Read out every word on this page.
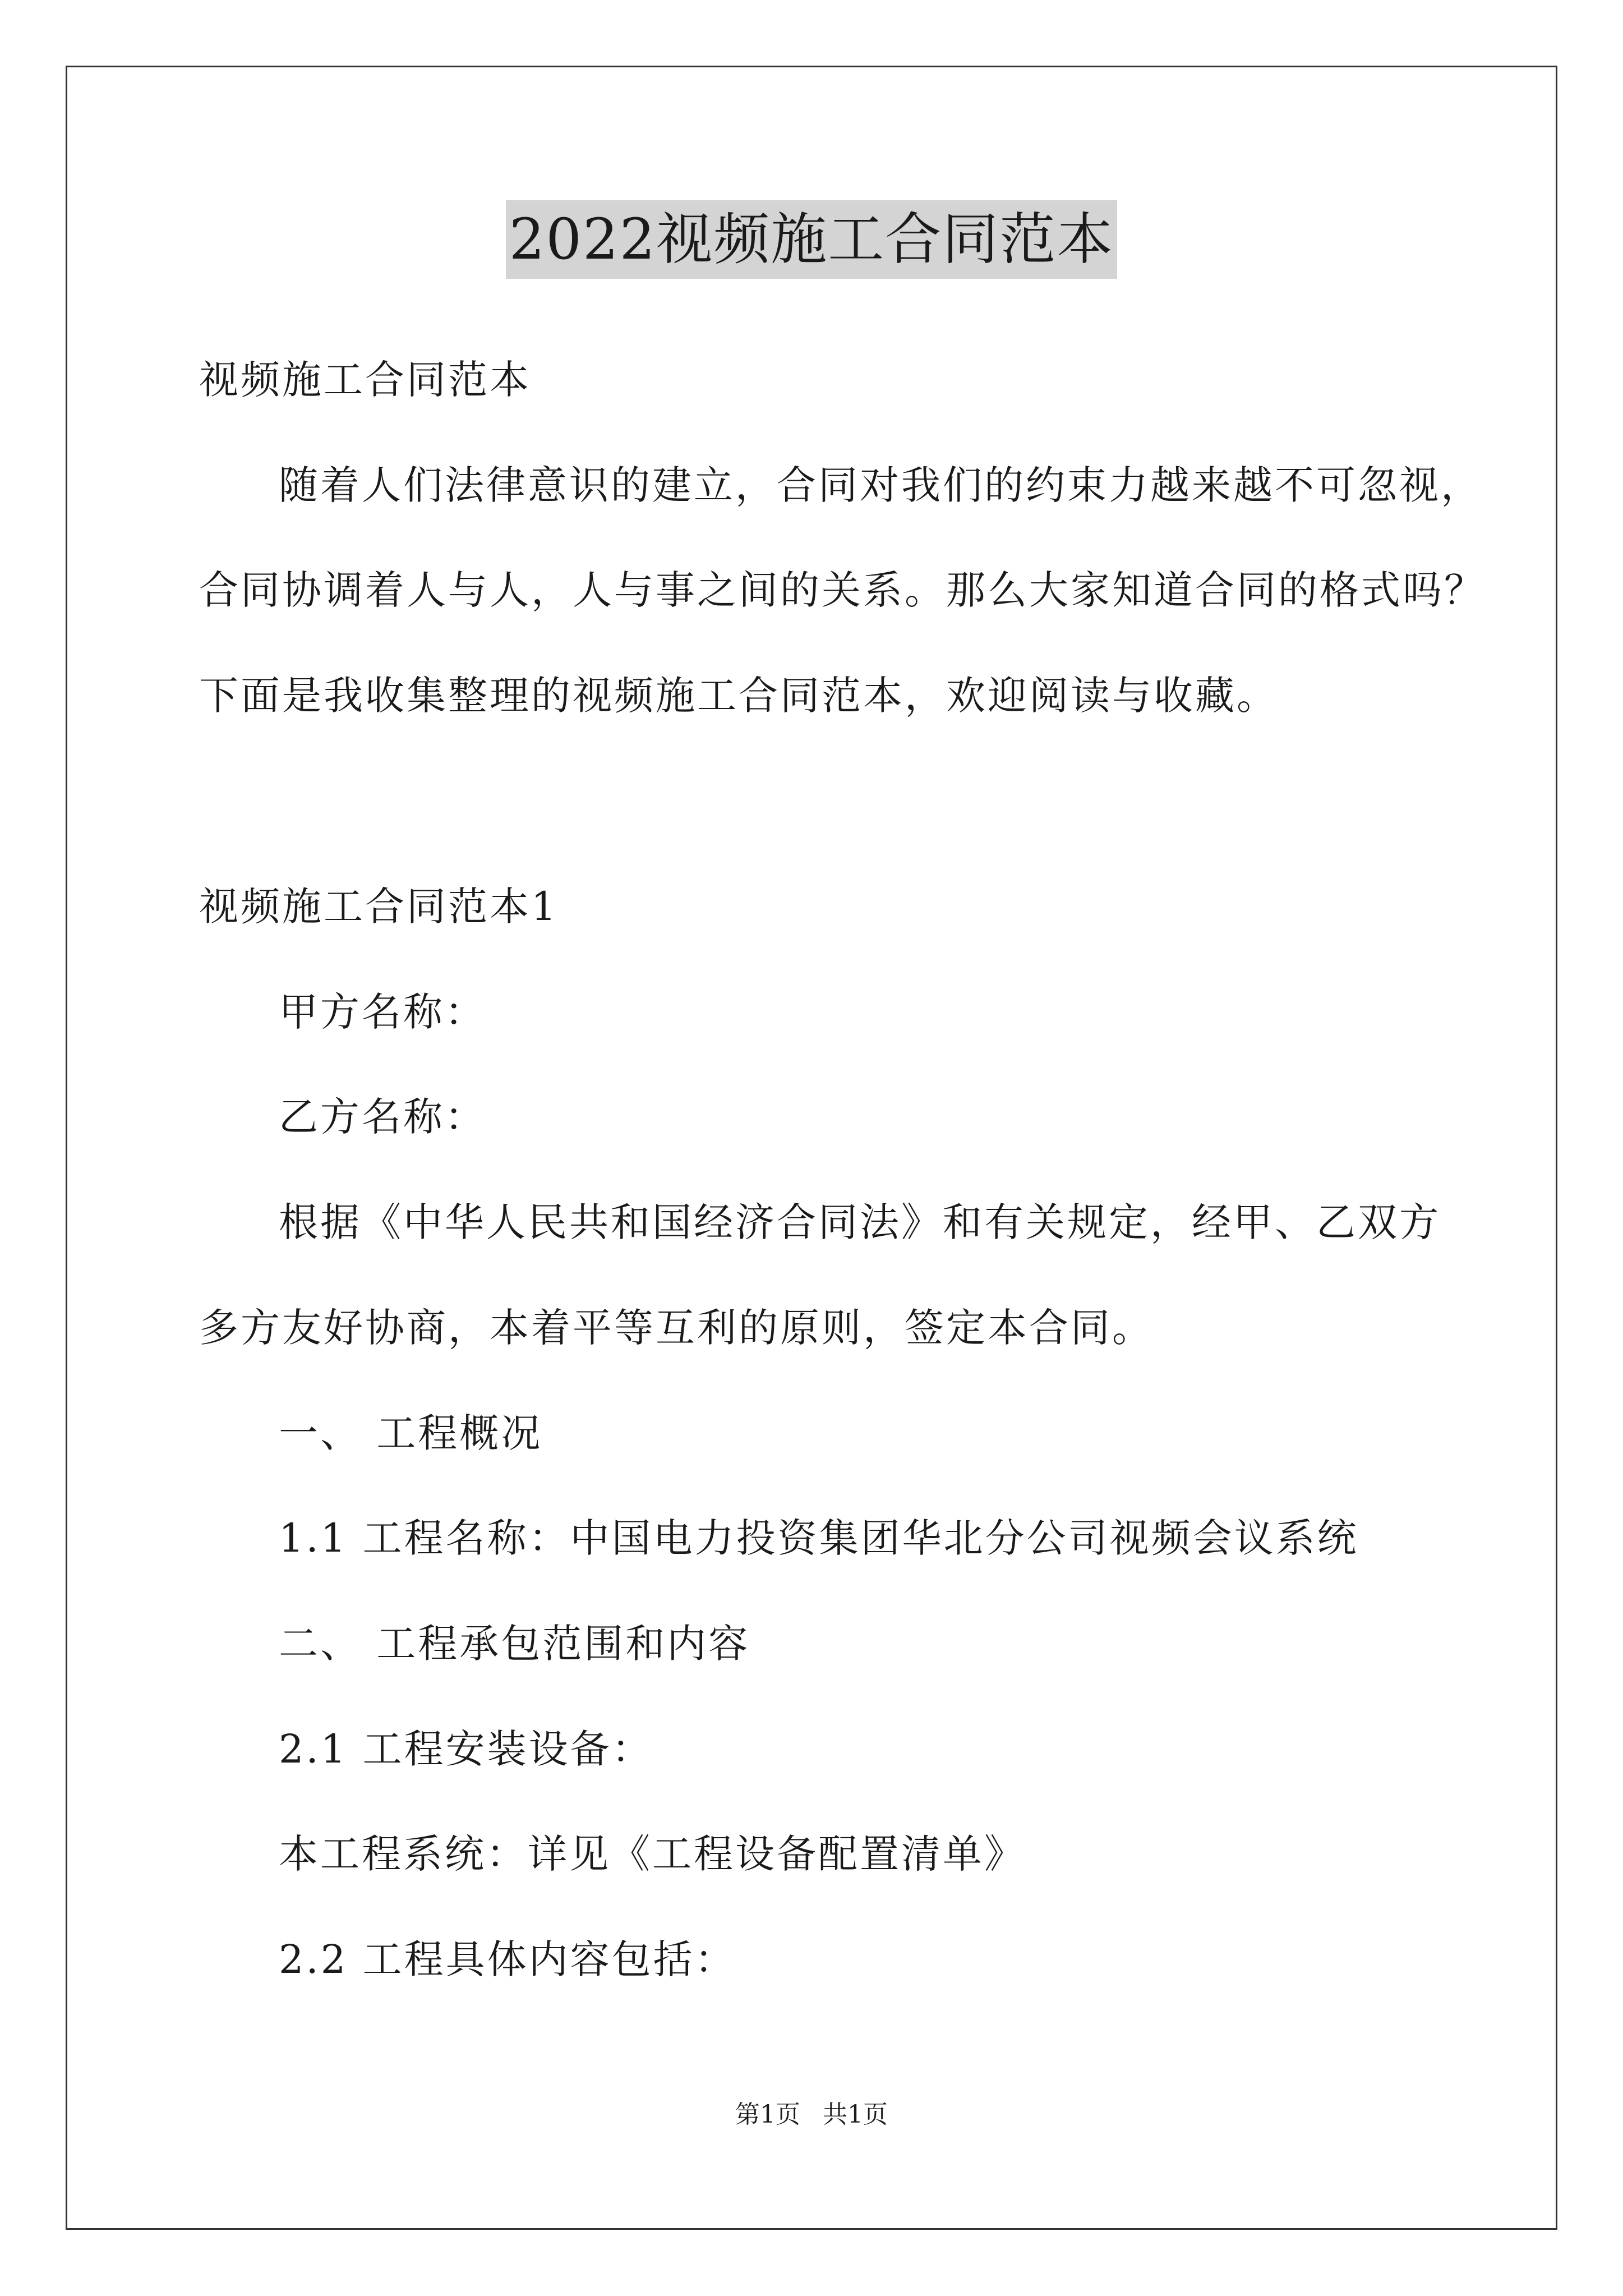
2022视频施工合同范本

视频施工合同范本

随着人们法律意识的建立，合同对我们的约束力越来越不可忽视，

合同协调着人与人，人与事之间的关系。那么大家知道合同的格式吗？

下面是我收集整理的视频施工合同范本，欢迎阅读与收藏。

视频施工合同范本1

甲方名称：

乙方名称：

根据《中华人民共和国经济合同法》和有关规定，经甲、乙双方

多方友好协商，本着平等互利的原则，签定本合同。

一、 工程概况

1.1 工程名称：中国电力投资集团华北分公司视频会议系统

二、 工程承包范围和内容

2.1 工程安装设备：

本工程系统：详见《工程设备配置清单》

2.2 工程具体内容包括：

第1页 共1页
